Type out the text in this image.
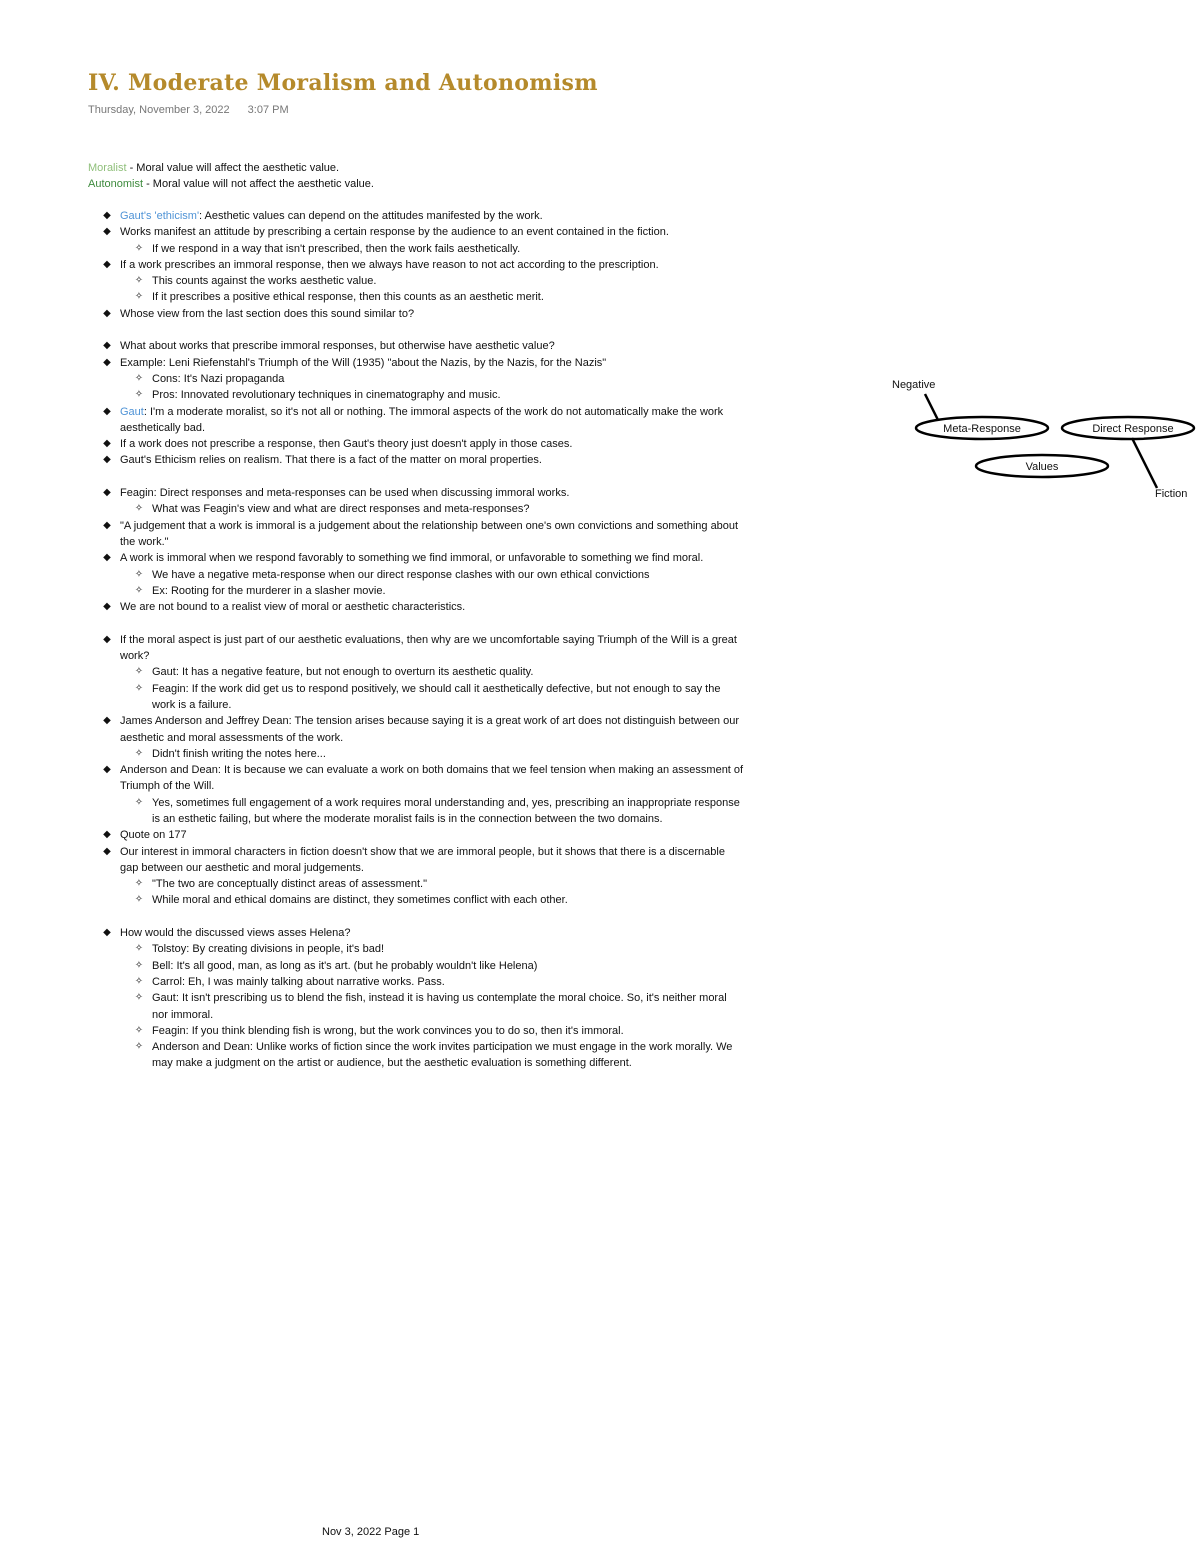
IV. Moderate Moralism and Autonomism
Thursday, November 3, 2022 3:07 PM
Moralist - Moral value will affect the aesthetic value.
Autonomist - Moral value will not affect the aesthetic value.
◆ Gaut's 'ethicism': Aesthetic values can depend on the attitudes manifested by the work.
◆ Works manifest an attitude by prescribing a certain response by the audience to an event contained in the fiction.
✧ If we respond in a way that isn't prescribed, then the work fails aesthetically.
◆ If a work prescribes an immoral response, then we always have reason to not act according to the prescription.
✧ This counts against the works aesthetic value.
✧ If it prescribes a positive ethical response, then this counts as an aesthetic merit.
◆ Whose view from the last section does this sound similar to?
◆ What about works that prescribe immoral responses, but otherwise have aesthetic value?
◆ Example: Leni Riefenstahl's Triumph of the Will (1935) "about the Nazis, by the Nazis, for the Nazis"
✧ Cons: It's Nazi propaganda
✧ Pros: Innovated revolutionary techniques in cinematography and music.
◆ Gaut: I'm a moderate moralist, so it's not all or nothing. The immoral aspects of the work do not automatically make the work aesthetically bad.
◆ If a work does not prescribe a response, then Gaut's theory just doesn't apply in those cases.
◆ Gaut's Ethicism relies on realism. That there is a fact of the matter on moral properties.
◆ Feagin: Direct responses and meta-responses can be used when discussing immoral works.
✧ What was Feagin's view and what are direct responses and meta-responses?
◆ "A judgement that a work is immoral is a judgement about the relationship between one's own convictions and something about the work."
◆ A work is immoral when we respond favorably to something we find immoral, or unfavorable to something we find moral.
✧ We have a negative meta-response when our direct response clashes with our own ethical convictions
✧ Ex: Rooting for the murderer in a slasher movie.
◆ We are not bound to a realist view of moral or aesthetic characteristics.
◆ If the moral aspect is just part of our aesthetic evaluations, then why are we uncomfortable saying Triumph of the Will is a great work?
✧ Gaut: It has a negative feature, but not enough to overturn its aesthetic quality.
✧ Feagin: If the work did get us to respond positively, we should call it aesthetically defective, but not enough to say the work is a failure.
◆ James Anderson and Jeffrey Dean: The tension arises because saying it is a great work of art does not distinguish between our aesthetic and moral assessments of the work.
✧ Didn't finish writing the notes here...
◆ Anderson and Dean: It is because we can evaluate a work on both domains that we feel tension when making an assessment of Triumph of the Will.
✧ Yes, sometimes full engagement of a work requires moral understanding and, yes, prescribing an inappropriate response is an esthetic failing, but where the moderate moralist fails is in the connection between the two domains.
◆ Quote on 177
◆ Our interest in immoral characters in fiction doesn't show that we are immoral people, but it shows that there is a discernable gap between our aesthetic and moral judgements.
✧ "The two are conceptually distinct areas of assessment."
✧ While moral and ethical domains are distinct, they sometimes conflict with each other.
◆ How would the discussed views asses Helena?
✧ Tolstoy: By creating divisions in people, it's bad!
✧ Bell: It's all good, man, as long as it's art. (but he probably wouldn't like Helena)
✧ Carrol: Eh, I was mainly talking about narrative works. Pass.
✧ Gaut: It isn't prescribing us to blend the fish, instead it is having us contemplate the moral choice. So, it's neither moral nor immoral.
✧ Feagin: If you think blending fish is wrong, but the work convinces you to do so, then it's immoral.
✧ Anderson and Dean: Unlike works of fiction since the work invites participation we must engage in the work morally. We may make a judgment on the artist or audience, but the aesthetic evaluation is something different.
Negative
Meta-Response	Direct Response
Values
Fiction
Nov 3, 2022 Page 1
